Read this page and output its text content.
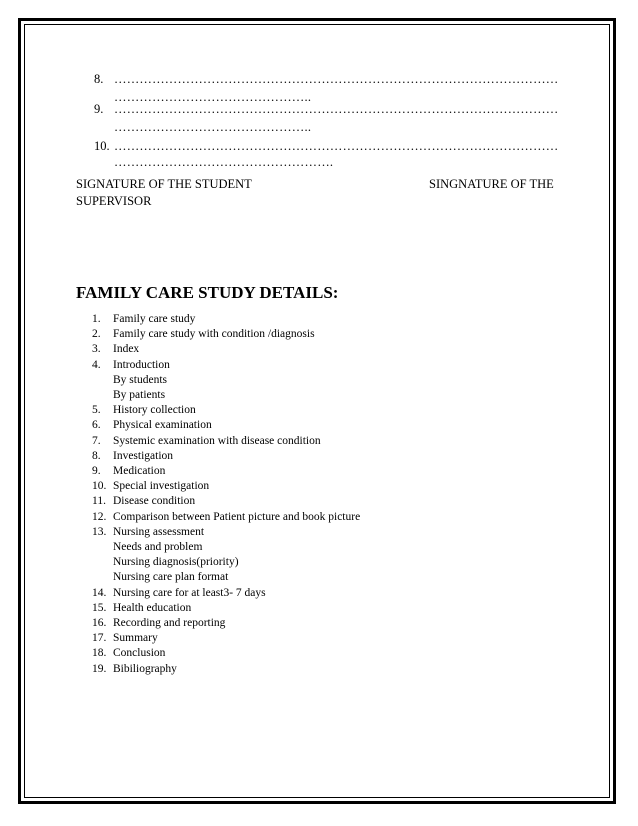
8. ……………………………………………………………………………………………
………………………………………..
9. ……………………………………………………………………………………………
………………………………………..
10. ……………………………………………………………………………………………
…………………………………………….
SIGNATURE OF THE STUDENT	SINGNATURE OF THE
SUPERVISOR
FAMILY CARE STUDY DETAILS:
1.	Family care study
2.	Family care study with condition /diagnosis
3.	Index
4.	Introduction
By students
By patients
5.	History collection
6.	Physical examination
7.	Systemic examination with disease condition
8.	Investigation
9.	Medication
10. Special investigation
11. Disease condition
12. Comparison between Patient picture and book picture
13. Nursing assessment
Needs and problem
Nursing diagnosis(priority)
Nursing care plan format
14. Nursing care for at least3- 7 days
15. Health education
16. Recording and reporting
17. Summary
18. Conclusion
19. Bibiliography
